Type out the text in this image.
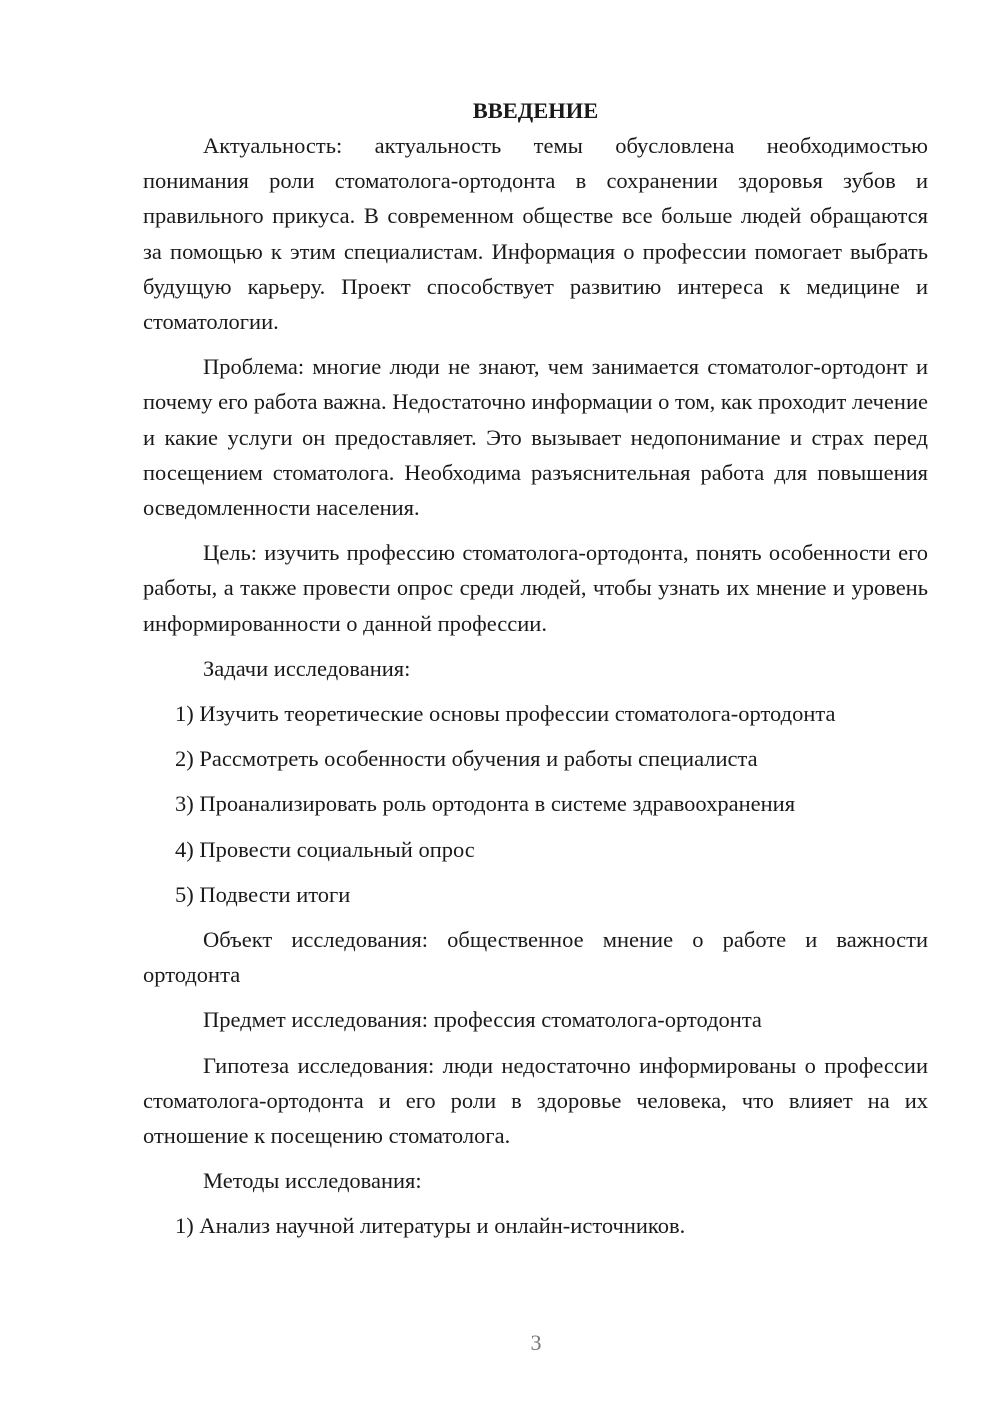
ВВЕДЕНИЕ

Актуальность: актуальность темы обусловлена необходимостью понимания роли стоматолога-ортодонта в сохранении здоровья зубов и правильного прикуса. В современном обществе все больше людей обращаются за помощью к этим специалистам. Информация о профессии помогает выбрать будущую карьеру. Проект способствует развитию интереса к медицине и стоматологии.

Проблема: многие люди не знают, чем занимается стоматолог-ортодонт и почему его работа важна. Недостаточно информации о том, как проходит лечение и какие услуги он предоставляет. Это вызывает недопонимание и страх перед посещением стоматолога. Необходима разъяснительная работа для повышения осведомленности населения.

Цель: изучить профессию стоматолога-ортодонта, понять особенности его работы, а также провести опрос среди людей, чтобы узнать их мнение и уровень информированности о данной профессии.

Задачи исследования:

1) Изучить теоретические основы профессии стоматолога-ортодонта

2) Рассмотреть особенности обучения и работы специалиста

3) Проанализировать роль ортодонта в системе здравоохранения

4) Провести социальный опрос

5) Подвести итоги

Объект исследования: общественное мнение о работе и важности ортодонта

Предмет исследования: профессия стоматолога-ортодонта

Гипотеза исследования: люди недостаточно информированы о профессии стоматолога-ортодонта и его роли в здоровье человека, что влияет на их отношение к посещению стоматолога.

Методы исследования:

1) Анализ научной литературы и онлайн-источников.

3
